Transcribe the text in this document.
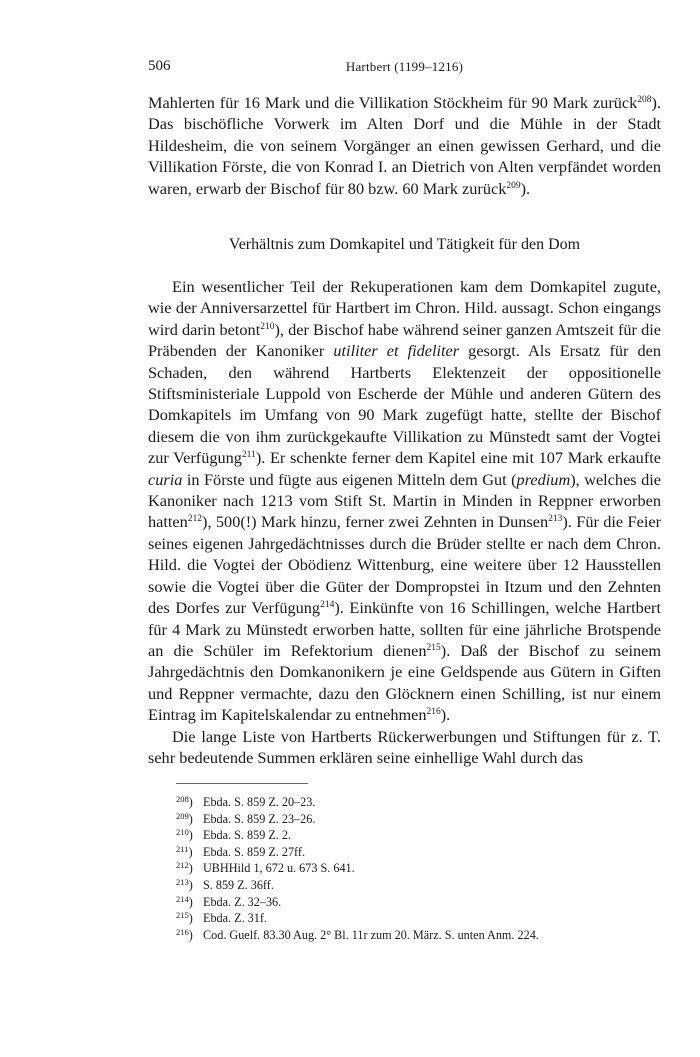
506	Hartbert (1199–1216)

Mahlerten für 16 Mark und die Villikation Stöckheim für 90 Mark zurück$^{208}$). Das bischöfliche Vorwerk im Alten Dorf und die Mühle in der Stadt Hildesheim, die von seinem Vorgänger an einen gewissen Gerhard, und die Villikation Förste, die von Konrad I. an Dietrich von Alten verpfändet worden waren, erwarb der Bischof für 80 bzw. 60 Mark zurück$^{209}$).

Verhältnis zum Domkapitel und Tätigkeit für den Dom

Ein wesentlicher Teil der Rekuperationen kam dem Domkapitel zugute, wie der Anniversarzettel für Hartbert im Chron. Hild. aussagt. Schon eingangs wird darin betont$^{210}$), der Bischof habe während seiner ganzen Amtszeit für die Präbenden der Kanoniker utiliter et fideliter gesorgt. Als Ersatz für den Schaden, den während Hartberts Elektenzeit der oppositionelle Stiftsministeriale Luppold von Escherde der Mühle und anderen Gütern des Domkapitels im Umfang von 90 Mark zugefügt hatte, stellte der Bischof diesem die von ihm zurückgekaufte Villikation zu Münstedt samt der Vogtei zur Verfügung$^{211}$). Er schenkte ferner dem Kapitel eine mit 107 Mark erkaufte curia in Förste und fügte aus eigenen Mitteln dem Gut (predium), welches die Kanoniker nach 1213 vom Stift St. Martin in Minden in Reppner erworben hatten$^{212}$), 500(!) Mark hinzu, ferner zwei Zehnten in Dunsen$^{213}$). Für die Feier seines eigenen Jahrgedächtnisses durch die Brüder stellte er nach dem Chron. Hild. die Vogtei der Obödienz Wittenburg, eine weitere über 12 Hausstellen sowie die Vogtei über die Güter der Dompropstei in Itzum und den Zehnten des Dorfes zur Verfügung$^{214}$). Einkünfte von 16 Schillingen, welche Hartbert für 4 Mark zu Münstedt erworben hatte, sollten für eine jährliche Brotspende an die Schüler im Refektorium dienen$^{215}$). Daß der Bischof zu seinem Jahrgedächtnis den Domkanonikern je eine Geldspende aus Gütern in Giften und Reppner vermachte, dazu den Glöcknern einen Schilling, ist nur einem Eintrag im Kapitelskalendar zu entnehmen$^{216}$).

Die lange Liste von Hartberts Rückerwerbungen und Stiftungen für z. T. sehr bedeutende Summen erklären seine einhellige Wahl durch das

$^{208}$) Ebda. S. 859 Z. 20–23.
$^{209}$) Ebda. S. 859 Z. 23–26.
$^{210}$) Ebda. S. 859 Z. 2.
$^{211}$) Ebda. S. 859 Z. 27ff.
$^{212}$) UBHHild 1, 672 u. 673 S. 641.
$^{213}$) S. 859 Z. 36ff.
$^{214}$) Ebda. Z. 32–36.
$^{215}$) Ebda. Z. 31f.
$^{216}$) Cod. Guelf. 83.30 Aug. 2° Bl. 11r zum 20. März. S. unten Anm. 224.
